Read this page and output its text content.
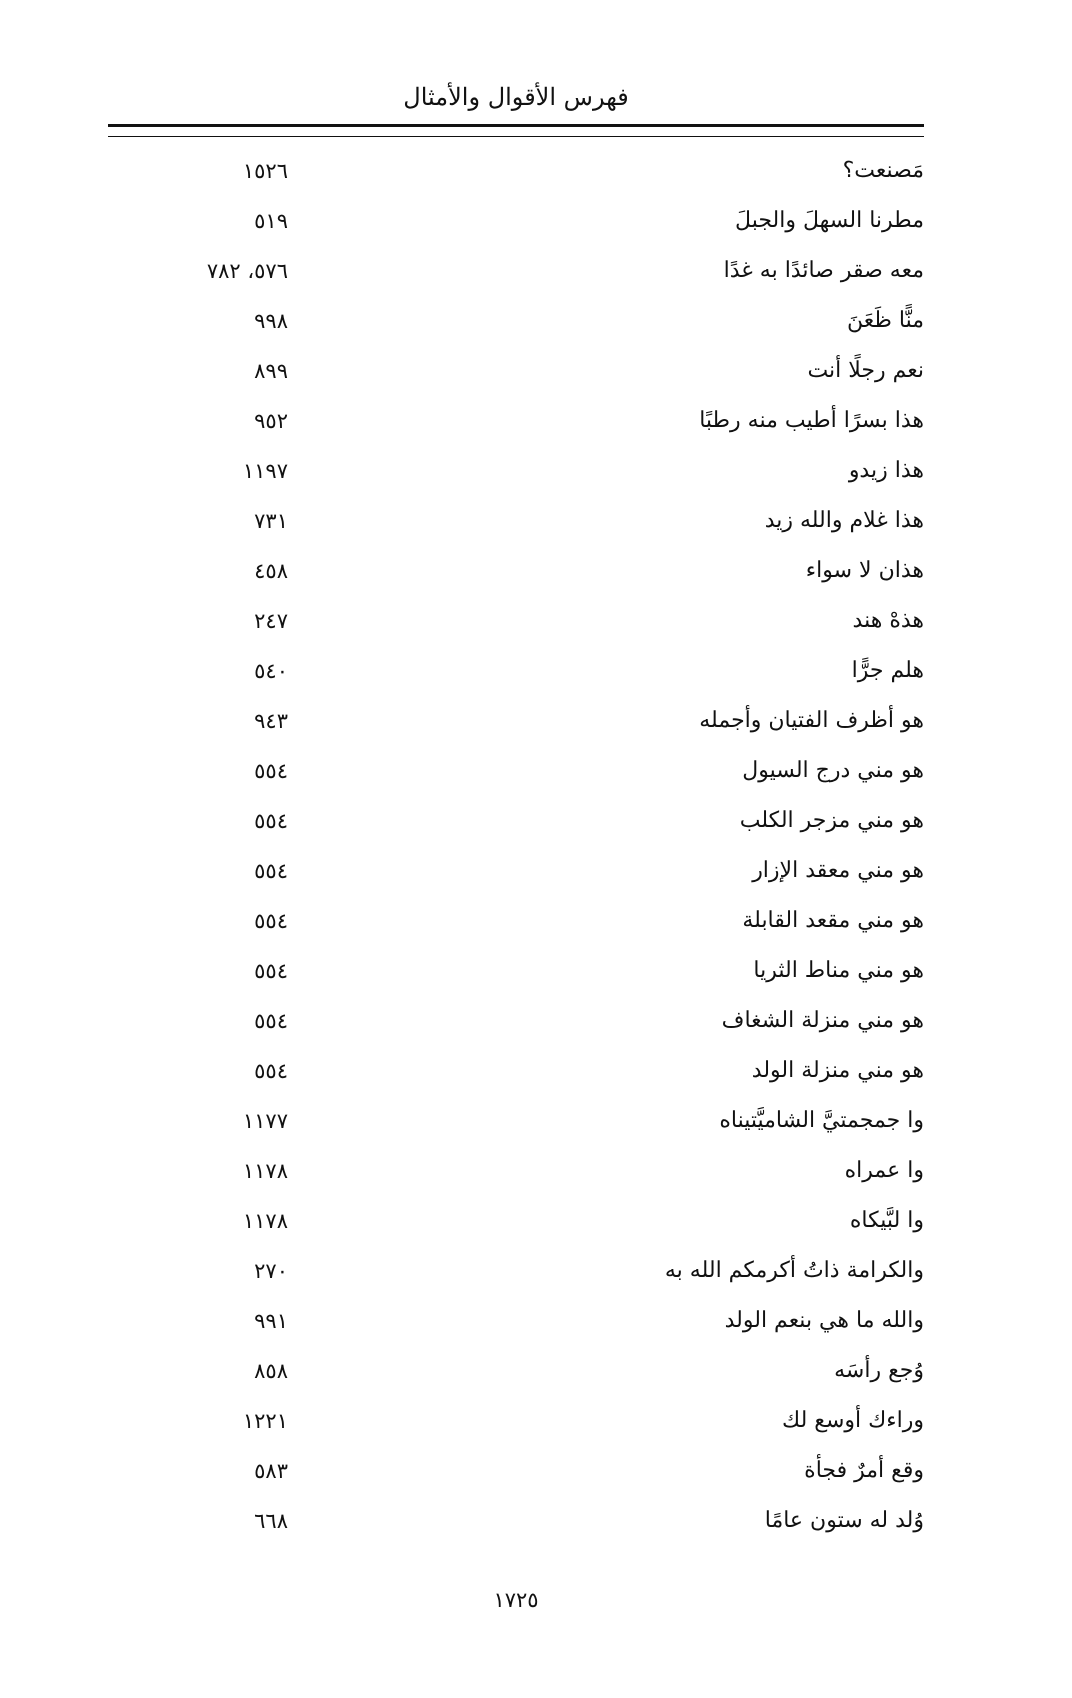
فهرس الأقوال والأمثال
مَصنعت؟
١٥٢٦
مطرنا السهلَ والجبلَ
٥١٩
معه صقر صائدًا به غدًا
٥٧٦، ٧٨٢
منًّا ظَعَنَ
٩٩٨
نعم رجلًا أنت
٨٩٩
هذا بسرًا أطيب منه رطبًا
٩٥٢
هذا زيدو
١١٩٧
هذا غلام والله زيد
٧٣١
هذان لا سواء
٤٥٨
هذهْ هند
٢٤٧
هلم جرًّا
٥٤٠
هو أظرف الفتيان وأجمله
٩٤٣
هو مني درج السيول
٥٥٤
هو مني مزجر الكلب
٥٥٤
هو مني معقد الإزار
٥٥٤
هو مني مقعد القابلة
٥٥٤
هو مني مناط الثريا
٥٥٤
هو مني منزلة الشغاف
٥٥٤
هو مني منزلة الولد
٥٥٤
وا جمجمتيَّ الشاميَّتيناه
١١٧٧
وا عمراه
١١٧٨
وا لبَّيكاه
١١٧٨
والكرامة ذاتُ أكرمكم الله به
٢٧٠
والله ما هي بنعم الولد
٩٩١
وُجع رأسَه
٨٥٨
وراءك أوسع لك
١٢٢١
وقع أمرٌ فجأة
٥٨٣
وُلد له ستون عامًا
٦٦٨
١٧٢٥
